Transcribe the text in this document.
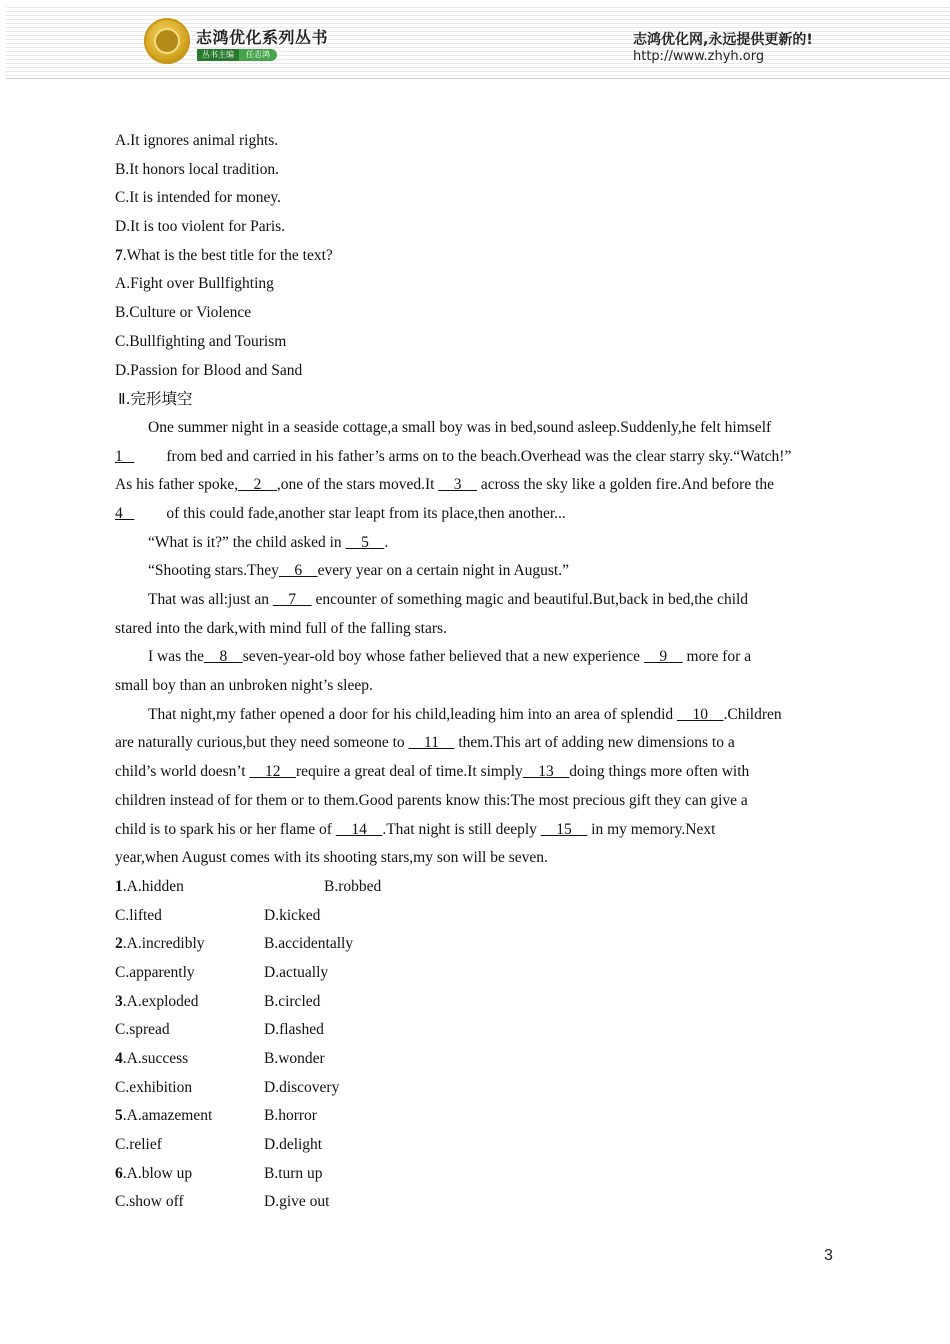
志鸿优化系列丛书
丛书主编	任志鸿
志鸿优化网,永远提供更新的!
http://www.zhyh.org
A.It ignores animal rights.
B.It honors local tradition.
C.It is intended for money.
D.It is too violent for Paris.
7.What is the best title for the text?
A.Fight over Bullfighting
B.Culture or Violence
C.Bullfighting and Tourism
D.Passion for Blood and Sand
Ⅱ.完形填空
One summer night in a seaside cottage,a small boy was in bed,sound asleep.Suddenly,he felt himself
1   from bed and carried in his father’s arms on to the beach.Overhead was the clear starry sky.“Watch!”
As his father spoke,    2    ,one of the stars moved.It     3     across the sky like a golden fire.And before the
4   of this could fade,another star leapt from its place,then another...
“What is it?” the child asked in     5    .
“Shooting stars.They    6    every year on a certain night in August.”
That was all:just an     7     encounter of something magic and beautiful.But,back in bed,the child
stared into the dark,with mind full of the falling stars.
I was the    8    seven-year-old boy whose father believed that a new experience     9     more for a
small boy than an unbroken night’s sleep.
That night,my father opened a door for his child,leading him into an area of splendid     10    .Children
are naturally curious,but they need someone to     11     them.This art of adding new dimensions to a
child’s world doesn’t     12    require a great deal of time.It simply    13    doing things more often with
children instead of for them or to them.Good parents know this:The most precious gift they can give a
child is to spark his or her flame of     14    .That night is still deeply     15     in my memory.Next
year,when August comes with its shooting stars,my son will be seven.
1.A.hidden	B.robbed
C.lifted	D.kicked
2.A.incredibly	B.accidentally
C.apparently	D.actually
3.A.exploded	B.circled
C.spread	D.flashed
4.A.success	B.wonder
C.exhibition	D.discovery
5.A.amazement	B.horror
C.relief	D.delight
6.A.blow up	B.turn up
C.show off	D.give out
3
